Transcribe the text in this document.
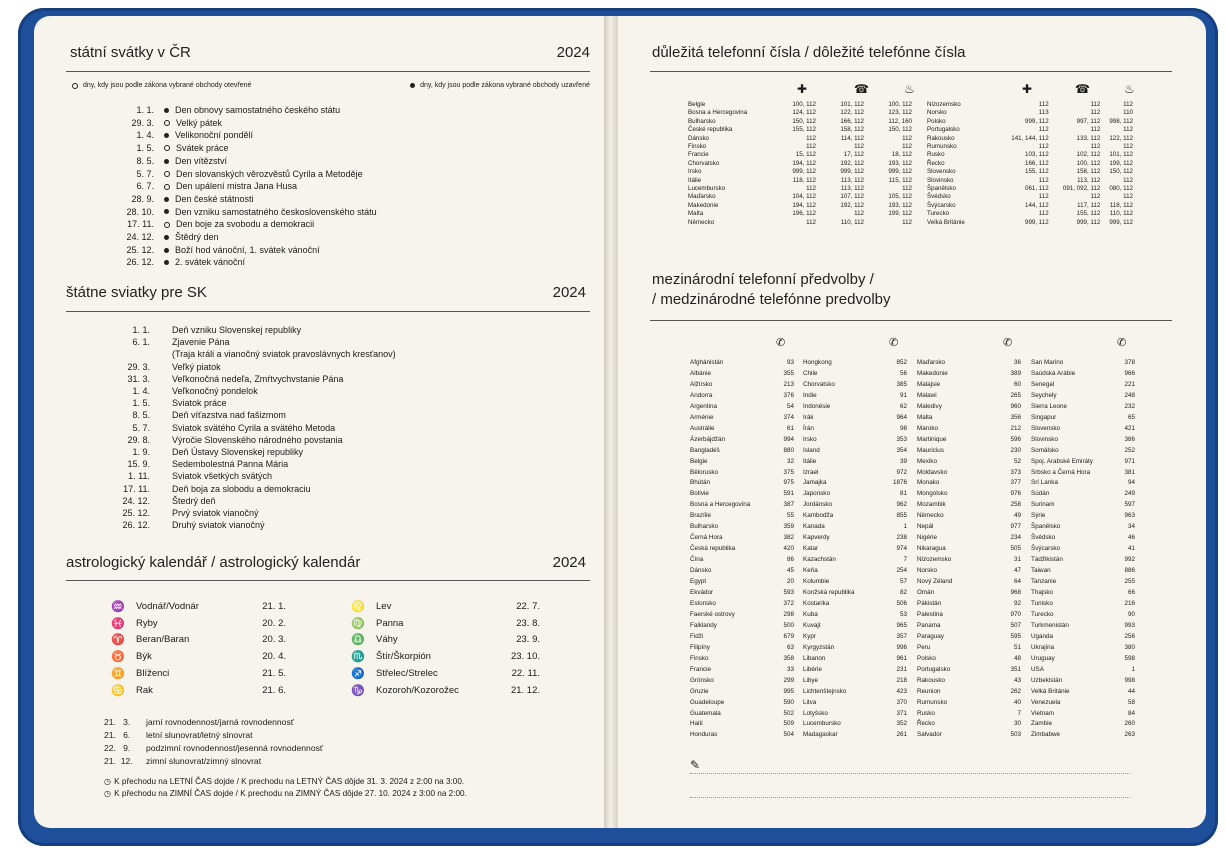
státní svátky v ČR	2024
dny, kdy jsou podle zákona vybrané obchody otevřené	dny, kdy jsou podle zákona vybrané obchody uzavřené
1. 1.	Den obnovy samostatného českého státu
29. 3.	Velký pátek
1. 4.	Velikonoční pondělí
1. 5.	Svátek práce
8. 5.	Den vítězství
5. 7.	Den slovanských věrozvěstů Cyrila a Metoděje
6. 7.	Den upálení mistra Jana Husa
28. 9.	Den české státnosti
28. 10.	Den vzniku samostatného československého státu
17. 11.	Den boje za svobodu a demokracii
24. 12.	Štědrý den
25. 12.	Boží hod vánoční, 1. svátek vánoční
26. 12.	2. svátek vánoční
štátne sviatky pre SK	2024
1. 1.	Deň vzniku Slovenskej republiky
6. 1.	Zjavenie Pána
(Traja králi a vianočný sviatok pravoslávnych kresťanov)
29. 3.	Veľký piatok
31. 3.	Veľkonočná nedeľa, Zmŕtvychvstanie Pána
1. 4.	Veľkonočný pondelok
1. 5.	Sviatok práce
8. 5.	Deň víťazstva nad fašizmom
5. 7.	Sviatok svätého Cyrila a svätého Metoda
29. 8.	Výročie Slovenského národného povstania
1. 9.	Deň Ústavy Slovenskej republiky
15. 9.	Sedembolestná Panna Mária
1. 11.	Sviatok všetkých svätých
17. 11.	Deň boja za slobodu a demokraciu
24. 12.	Štedrý deň
25. 12.	Prvý sviatok vianočný
26. 12.	Druhý sviatok vianočný
astrologický kalendář / astrologický kalendár	2024
♒	Vodnář/Vodnár	21. 1.
♓	Ryby	20. 2.
♈	Beran/Baran	20. 3.
♉	Býk	20. 4.
♊	Blíženci	21. 5.
♋	Rak	21. 6.
♌	Lev	22. 7.
♍	Panna	23. 8.
♎	Váhy	23. 9.
♏	Štír/Škorpión	23. 10.
♐	Střelec/Strelec	22. 11.
♑	Kozoroh/Kozorožec	21. 12.
21.   3.	jarní rovnodennost/jarná rovnodennosť
21.   6.	letní slunovrat/letný slnovrat
22.   9.	podzimní rovnodennost/jesenná rovnodennosť
21.  12.	zimní slunovrat/zimný slnovrat
◷ K přechodu na LETNÍ ČAS dojde / K prechodu na LETNÝ ČAS dôjde 31. 3. 2024 z 2:00 na 3:00.
◷ K přechodu na ZIMNÍ ČAS dojde / K prechodu na ZIMNÝ ČAS dôjde 27. 10. 2024 z 3:00 na 2:00.
důležitá telefonní čísla / dôležité telefónne čísla
✚	☎	♨	✚	☎	♨
Belgie	100, 112	101, 112	100, 112
Bosna a Hercegovina	124, 112	122, 112	123, 112
Bulharsko	150, 112	166, 112	112, 160
České republika	155, 112	158, 112	150, 112
Dánsko	112	114, 112	112
Finsko	112	112	112
Francie	15, 112	17, 112	18, 112
Chorvatsko	194, 112	192, 112	193, 112
Irsko	999, 112	999, 112	999, 112
Itálie	118, 112	113, 112	115, 112
Lucembursko	112	113, 112	112
Maďarsko	104, 112	107, 112	105, 112
Makedonie	194, 112	192, 112	193, 112
Malta	196, 112	112	199, 112
Německo	112	110, 112	112
Nizozemsko	112	112	112
Norsko	113	112	110
Polsko	999, 112	997, 112	998, 112
Portugalsko	112	112	112
Rakousko	141, 144, 112	133, 112	122, 112
Rumunsko	112	112	112
Rusko	103, 112	102, 112	101, 112
Řecko	166, 112	100, 112	199, 112
Slovensko	155, 112	158, 112	150, 112
Slovinsko	112	113, 112	112
Španělsko	061, 112	091, 092, 112	080, 112
Švédsko	112	112	112
Švýcarsko	144, 112	117, 112	118, 112
Turecko	112	155, 112	110, 112
Velká Británie	999, 112	999, 112	999, 112
mezinárodní telefonní předvolby /
/ medzinárodné telefónne predvolby
✆	✆	✆	✆
Afghánistán	93
Albánie	355
Alžírsko	213
Andorra	376
Argentina	54
Arménie	374
Austrálie	61
Ázerbájdžán	994
Bangladéš	880
Belgie	32
Bělorusko	375
Bhútán	975
Bolívie	591
Bosna a Hercegovina	387
Brazílie	55
Bulharsko	359
Černá Hora	382
Česká republika	420
Čína	86
Dánsko	45
Egypt	20
Ekvádor	593
Estonsko	372
Faerské ostrovy	298
Falklandy	500
Fidži	679
Filipíny	63
Finsko	358
Francie	33
Grónsko	299
Gruzie	995
Guadeloupe	590
Guatemala	502
Haiti	509
Honduras	504
Hongkong	852
Chile	56
Chorvatsko	385
Indie	91
Indonésie	62
Irák	964
Írán	98
Irsko	353
Island	354
Itálie	39
Izrael	972
Jamajka	1876
Japonsko	81
Jordánsko	962
Kambodža	855
Kanada	1
Kapverdy	238
Katar	974
Kazachstán	7
Keňa	254
Kolumbie	57
Konžská republika	82
Kostarika	506
Kuba	53
Kuvajt	965
Kypr	357
Kyrgyzstán	996
Libanon	961
Libérie	231
Libye	218
Lichtenštejnsko	423
Litva	370
Lotyšsko	371
Lucembursko	352
Madagaskar	261
Maďarsko	36
Makedonie	389
Malajsie	60
Malawi	265
Maledivy	960
Malta	356
Maroko	212
Martinique	596
Mauricius	230
Mexiko	52
Moldavsko	373
Monako	377
Mongolsko	976
Mozambik	258
Německo	49
Nepál	977
Nigérie	234
Nikaragua	505
Nizozemsko	31
Norsko	47
Nový Zéland	64
Omán	968
Pákistán	92
Palestina	970
Panama	507
Paraguay	595
Peru	51
Polsko	48
Portugalsko	351
Rakousko	43
Reunion	262
Rumunsko	40
Rusko	7
Řecko	30
Salvador	503
San Marino	378
Saúdská Arábie	966
Senegal	221
Seychely	248
Sierra Leone	232
Singapur	65
Slovensko	421
Slovinsko	386
Somálsko	252
Spoj. Arabské Emiráty	971
Srbsko a Černá Hora	381
Srí Lanka	94
Súdán	249
Surinam	597
Sýrie	963
Španělsko	34
Švédsko	46
Švýcarsko	41
Tádžikistán	992
Taiwan	886
Tanzanie	255
Thajsko	66
Tunisko	216
Turecko	90
Turkmenistán	993
Uganda	256
Ukrajina	380
Uruguay	598
USA	1
Uzbekistán	998
Velká Británie	44
Venezuela	58
Vietnam	84
Zambie	260
Zimbabwe	263
✎
